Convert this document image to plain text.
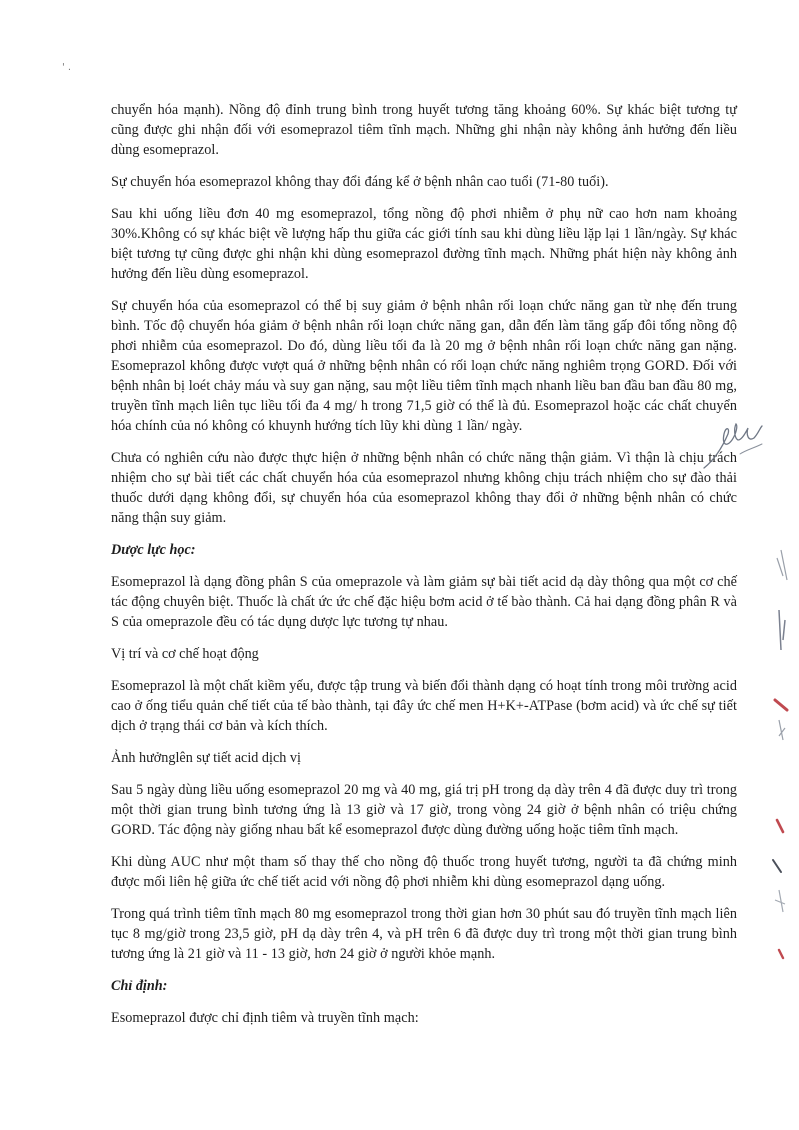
' .

chuyển hóa mạnh). Nồng độ đỉnh trung bình trong huyết tương tăng khoảng 60%. Sự khác biệt tương tự cũng được ghi nhận đối với esomeprazol tiêm tĩnh mạch. Những ghi nhận này không ảnh hưởng đến liều dùng esomeprazol.

Sự chuyển hóa esomeprazol không thay đổi đáng kể ở bệnh nhân cao tuổi (71-80 tuổi).

Sau khi uống liều đơn 40 mg esomeprazol, tổng nồng độ phơi nhiễm ở phụ nữ cao hơn nam khoảng 30%.Không có sự khác biệt về lượng hấp thu giữa các giới tính sau khi dùng liều lặp lại 1 lần/ngày. Sự khác biệt tương tự cũng được ghi nhận khi dùng esomeprazol đường tĩnh mạch. Những phát hiện này không ảnh hưởng đến liều dùng esomeprazol.

Sự chuyển hóa của esomeprazol có thể bị suy giảm ở bệnh nhân rối loạn chức năng gan từ nhẹ đến trung bình. Tốc độ chuyển hóa giảm ở bệnh nhân rối loạn chức năng gan, dẫn đến làm tăng gấp đôi tổng nồng độ phơi nhiễm của esomeprazol. Do đó, dùng liều tối đa là 20 mg ở bệnh nhân rối loạn chức năng gan nặng. Esomeprazol không được vượt quá ở những bệnh nhân có rối loạn chức năng nghiêm trọng GORD. Đối với bệnh nhân bị loét chảy máu và suy gan nặng, sau một liều tiêm tĩnh mạch nhanh liều ban đầu ban đầu 80 mg, truyền tĩnh mạch liên tục liều tối đa 4 mg/ h trong 71,5 giờ có thể là đủ. Esomeprazol hoặc các chất chuyển hóa chính của nó không có khuynh hướng tích lũy khi dùng 1 lần/ ngày.

Chưa có nghiên cứu nào được thực hiện ở những bệnh nhân có chức năng thận giảm. Vì thận là chịu trách nhiệm cho sự bài tiết các chất chuyển hóa của esomeprazol nhưng không chịu trách nhiệm cho sự đào thải thuốc dưới dạng không đổi, sự chuyển hóa của esomeprazol không thay đổi ở những bệnh nhân có chức năng thận suy giảm.

Dược lực học:

Esomeprazol là dạng đồng phân S của omeprazole và làm giảm sự bài tiết acid dạ dày thông qua một cơ chế tác động chuyên biệt. Thuốc là chất ức ức chế đặc hiệu bơm acid ở tế bào thành. Cả hai dạng đồng phân R và S của omeprazole đều có tác dụng dược lực tương tự nhau.

Vị trí và cơ chế hoạt động

Esomeprazol là một chất kiềm yếu, được tập trung và biến đổi thành dạng có hoạt tính trong môi trường acid cao ở ống tiểu quản chế tiết của tế bào thành, tại đây ức chế men H+K+-ATPase (bơm acid) và ức chế sự tiết dịch ở trạng thái cơ bản và kích thích.

Ảnh hưởnglên sự tiết acid dịch vị

Sau 5 ngày dùng liều uống esomeprazol 20 mg và 40 mg, giá trị pH trong dạ dày trên 4 đã được duy trì trong một thời gian trung bình tương ứng là 13 giờ và 17 giờ, trong vòng 24 giờ ở bệnh nhân có triệu chứng GORD. Tác động này giống nhau bất kể esomeprazol được dùng đường uống hoặc tiêm tĩnh mạch.

Khi dùng AUC như một tham số thay thế cho nồng độ thuốc trong huyết tương, người ta đã chứng minh được mối liên hệ giữa ức chế tiết acid với nồng độ phơi nhiễm khi dùng esomeprazol dạng uống.

Trong quá trình tiêm tĩnh mạch 80 mg esomeprazol trong thời gian hơn 30 phút sau đó truyền tĩnh mạch liên tục 8 mg/giờ trong 23,5 giờ, pH dạ dày trên 4, và pH trên 6 đã được duy trì trong một thời gian trung bình tương ứng là 21 giờ và 11 - 13 giờ, hơn 24 giờ ở người khỏe mạnh.

Chỉ định:

Esomeprazol được chỉ định tiêm và truyền tĩnh mạch:
